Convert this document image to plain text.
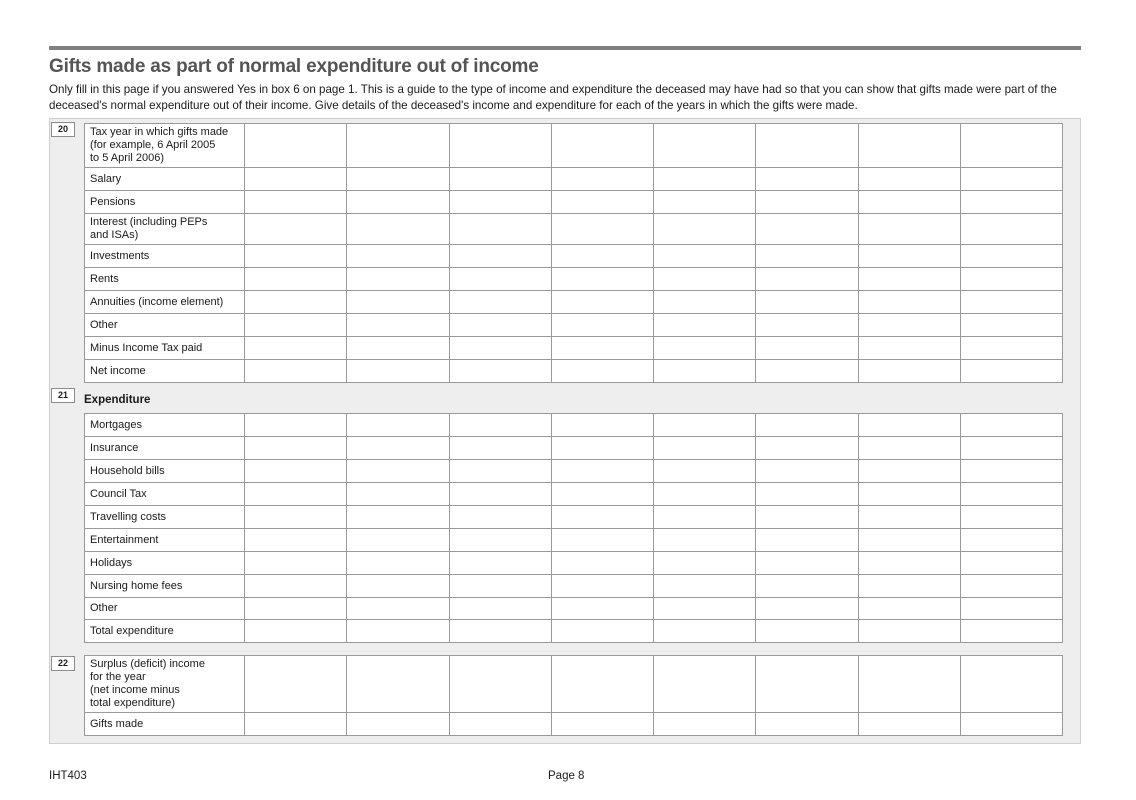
Gifts made as part of normal expenditure out of income
Only fill in this page if you answered Yes in box 6 on page 1. This is a guide to the type of income and expenditure the deceased may have had so that you can show that gifts made were part of the deceased's normal expenditure out of their income. Give details of the deceased's income and expenditure for each of the years in which the gifts were made.
20	Tax year in which gifts made
(for example, 6 April 2005
to 5 April 2006)								
Salary								
Pensions								
Interest (including PEPs
and ISAs)								
Investments								
Rents								
Annuities (income element)								
Other								
Minus Income Tax paid								
Net income								
21	Expenditure
Mortgages								
Insurance								
Household bills								
Council Tax								
Travelling costs								
Entertainment								
Holidays								
Nursing home fees								
Other								
Total expenditure								
22	Surplus (deficit) income
for the year
(net income minus
total expenditure)								
Gifts made								
IHT403	Page 8
